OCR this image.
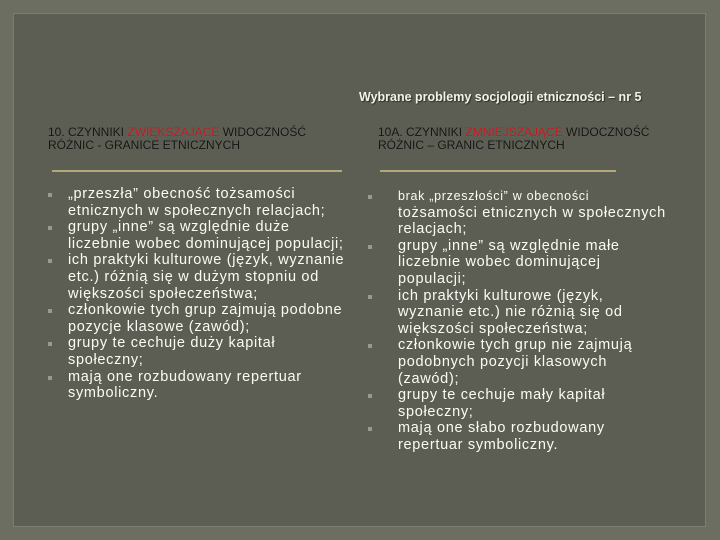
Wybrane problemy socjologii etniczności – nr 5
10. CZYNNIKI ZWIĘKSZAJĄCE WIDOCZNOŚĆ RÓŻNIC - GRANICE ETNICZNYCH
10A. CZYNNIKI ZMNIEJSZAJĄCE WIDOCZNOŚĆ RÓŻNIC – GRANIC ETNICZNYCH
„przeszła” obecność tożsamości etnicznych w społecznych relacjach;
grupy „inne” są względnie duże liczebnie wobec dominującej populacji;
ich praktyki kulturowe (język, wyznanie etc.) różnią się w dużym stopniu od większości społeczeństwa;
członkowie tych grup zajmują podobne pozycje klasowe (zawód);
grupy te cechuje duży kapitał społeczny;
mają one rozbudowany repertuar symboliczny.
brak „przeszłości” w obecności
tożsamości etnicznych w społecznych relacjach;
grupy „inne” są względnie małe liczebnie wobec dominującej populacji;
ich praktyki kulturowe (język, wyznanie etc.) nie różnią się od większości społeczeństwa;
członkowie tych grup nie zajmują podobnych pozycji klasowych (zawód);
grupy te cechuje mały kapitał społeczny;
mają one słabo rozbudowany repertuar symboliczny.
